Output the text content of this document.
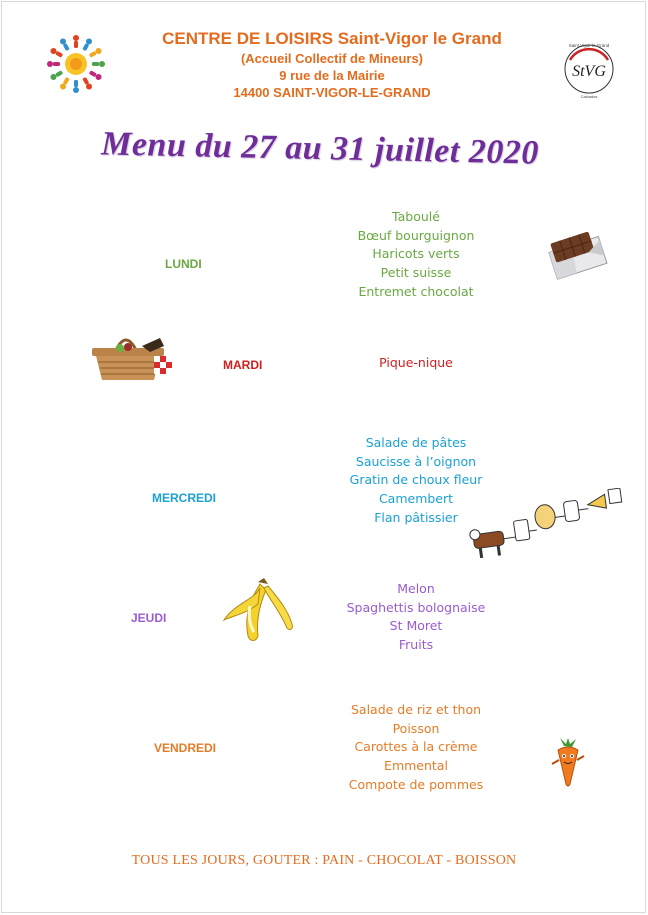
CENTRE DE LOISIRS Saint-Vigor le Grand
(Accueil Collectif de Mineurs)
9 rue de la Mairie
14400 SAINT-VIGOR-LE-GRAND
Saint Vigor le Grand
StVG
Calvados
Menu du 27 au 31 juillet 2020
LUNDI
Taboulé
Bœuf bourguignon
Haricots verts
Petit suisse
Entremet chocolat
MARDI	Pique-nique
MERCREDI
Salade de pâtes
Saucisse à l’oignon
Gratin de choux fleur
Camembert
Flan pâtissier
JEUDI
Melon
Spaghettis bolognaise
St Moret
Fruits
VENDREDI
Salade de riz et thon
Poisson
Carottes à la crème
Emmental
Compote de pommes
TOUS LES JOURS, GOUTER : PAIN - CHOCOLAT - BOISSON
